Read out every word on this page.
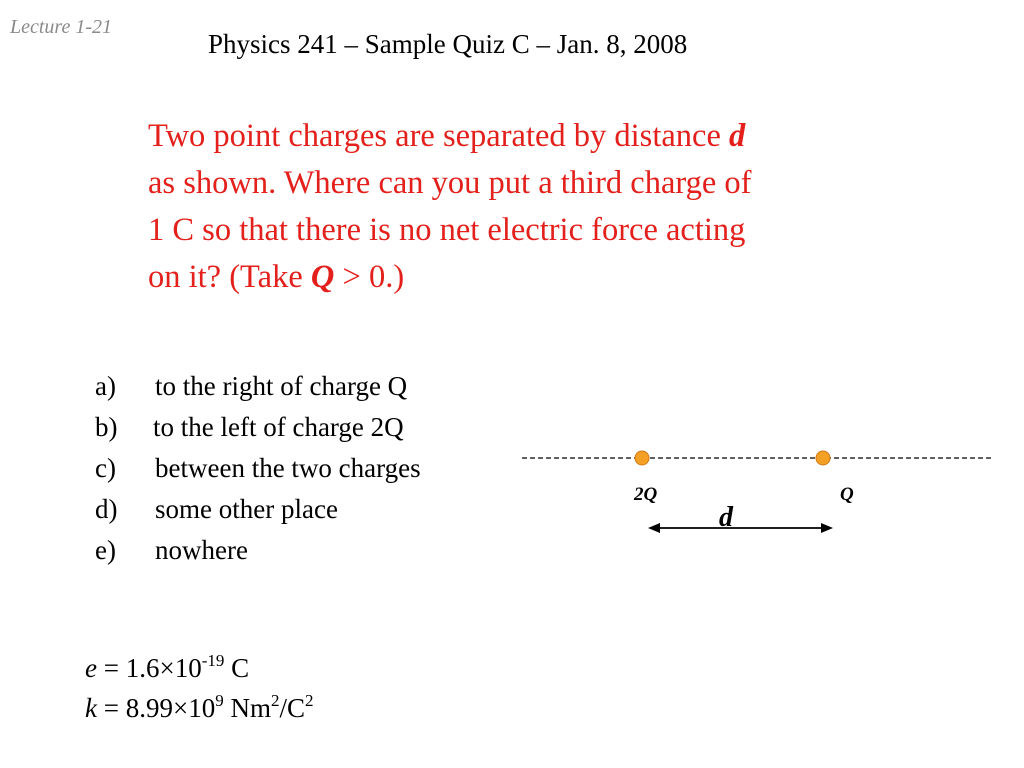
Lecture 1-21
Physics 241 – Sample Quiz C – Jan. 8, 2008
Two point charges are separated by distance d
as shown. Where can you put a third charge of
1 C so that there is no net electric force acting
on it? (Take Q > 0.)
a) to the right of charge Q
b) to the left of charge 2Q
c) between the two charges
d) some other place
e) nowhere
2Q	Q
d
$e = 1.6\times 10^{-19}$ C
$k = 8.99\times 10^9$ $Nm^2/C^2$
